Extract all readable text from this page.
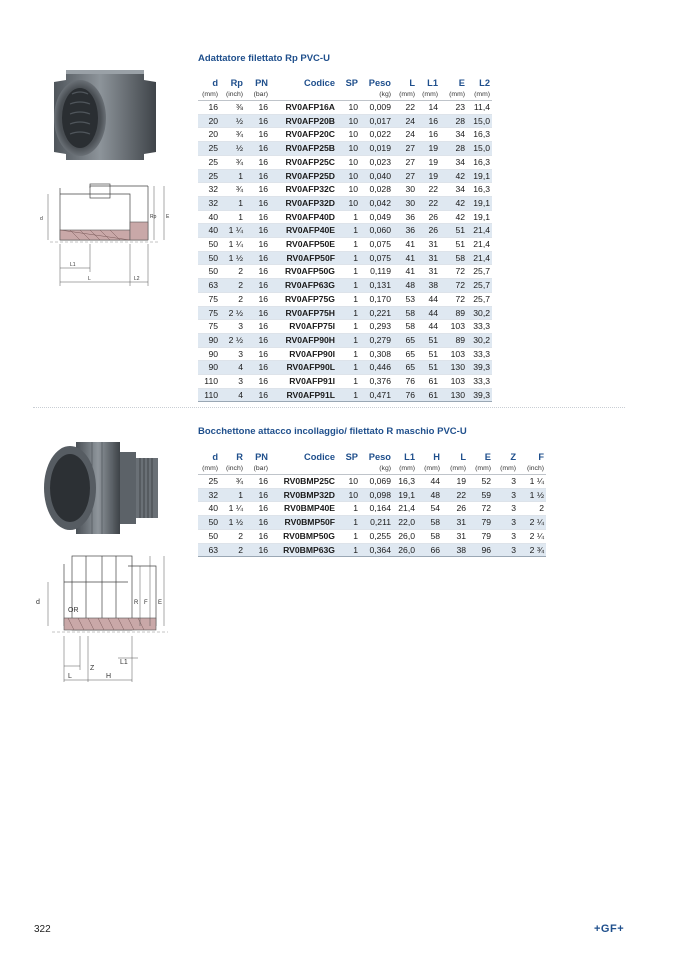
Adattatore filettato Rp PVC-U
d	Rp E
L1
L	L2
d	Rp	PN	Codice	SP	Peso	L	L1	E	L2
(mm)	(inch)	(bar)			(kg)	(mm)	(mm)	(mm)	(mm)
16	⅜	16	RV0AFP16A	10	0,009	22	14	23	11,4
20	½	16	RV0AFP20B	10	0,017	24	16	28	15,0
20	¾	16	RV0AFP20C	10	0,022	24	16	34	16,3
25	½	16	RV0AFP25B	10	0,019	27	19	28	15,0
25	¾	16	RV0AFP25C	10	0,023	27	19	34	16,3
25	1	16	RV0AFP25D	10	0,040	27	19	42	19,1
32	¾	16	RV0AFP32C	10	0,028	30	22	34	16,3
32	1	16	RV0AFP32D	10	0,042	30	22	42	19,1
40	1	16	RV0AFP40D	1	0,049	36	26	42	19,1
40	1 ¼	16	RV0AFP40E	1	0,060	36	26	51	21,4
50	1 ¼	16	RV0AFP50E	1	0,075	41	31	51	21,4
50	1 ½	16	RV0AFP50F	1	0,075	41	31	58	21,4
50	2	16	RV0AFP50G	1	0,119	41	31	72	25,7
63	2	16	RV0AFP63G	1	0,131	48	38	72	25,7
75	2	16	RV0AFP75G	1	0,170	53	44	72	25,7
75	2 ½	16	RV0AFP75H	1	0,221	58	44	89	30,2
75	3	16	RV0AFP75I	1	0,293	58	44	103	33,3
90	2 ½	16	RV0AFP90H	1	0,279	65	51	89	30,2
90	3	16	RV0AFP90I	1	0,308	65	51	103	33,3
90	4	16	RV0AFP90L	1	0,446	65	51	130	39,3
110	3	16	RV0AFP91I	1	0,376	76	61	103	33,3
110	4	16	RV0AFP91L	1	0,471	76	61	130	39,3
Bocchettone attacco incollaggio/ filettato R maschio PVC-U
d
OR
R F E
L1
Z
L	H
d	R	PN	Codice	SP	Peso	L1	H	L	E	Z	F
(mm)	(inch)	(bar)			(kg)	(mm)	(mm)	(mm)	(mm)	(mm)	(inch)
25	¾	16	RV0BMP25C	10	0,069	16,3	44	19	52	3	1 ¼
32	1	16	RV0BMP32D	10	0,098	19,1	48	22	59	3	1 ½
40	1 ¼	16	RV0BMP40E	1	0,164	21,4	54	26	72	3	2
50	1 ½	16	RV0BMP50F	1	0,211	22,0	58	31	79	3	2 ¼
50	2	16	RV0BMP50G	1	0,255	26,0	58	31	79	3	2 ¼
63	2	16	RV0BMP63G	1	0,364	26,0	66	38	96	3	2 ¾
322	+GF+
